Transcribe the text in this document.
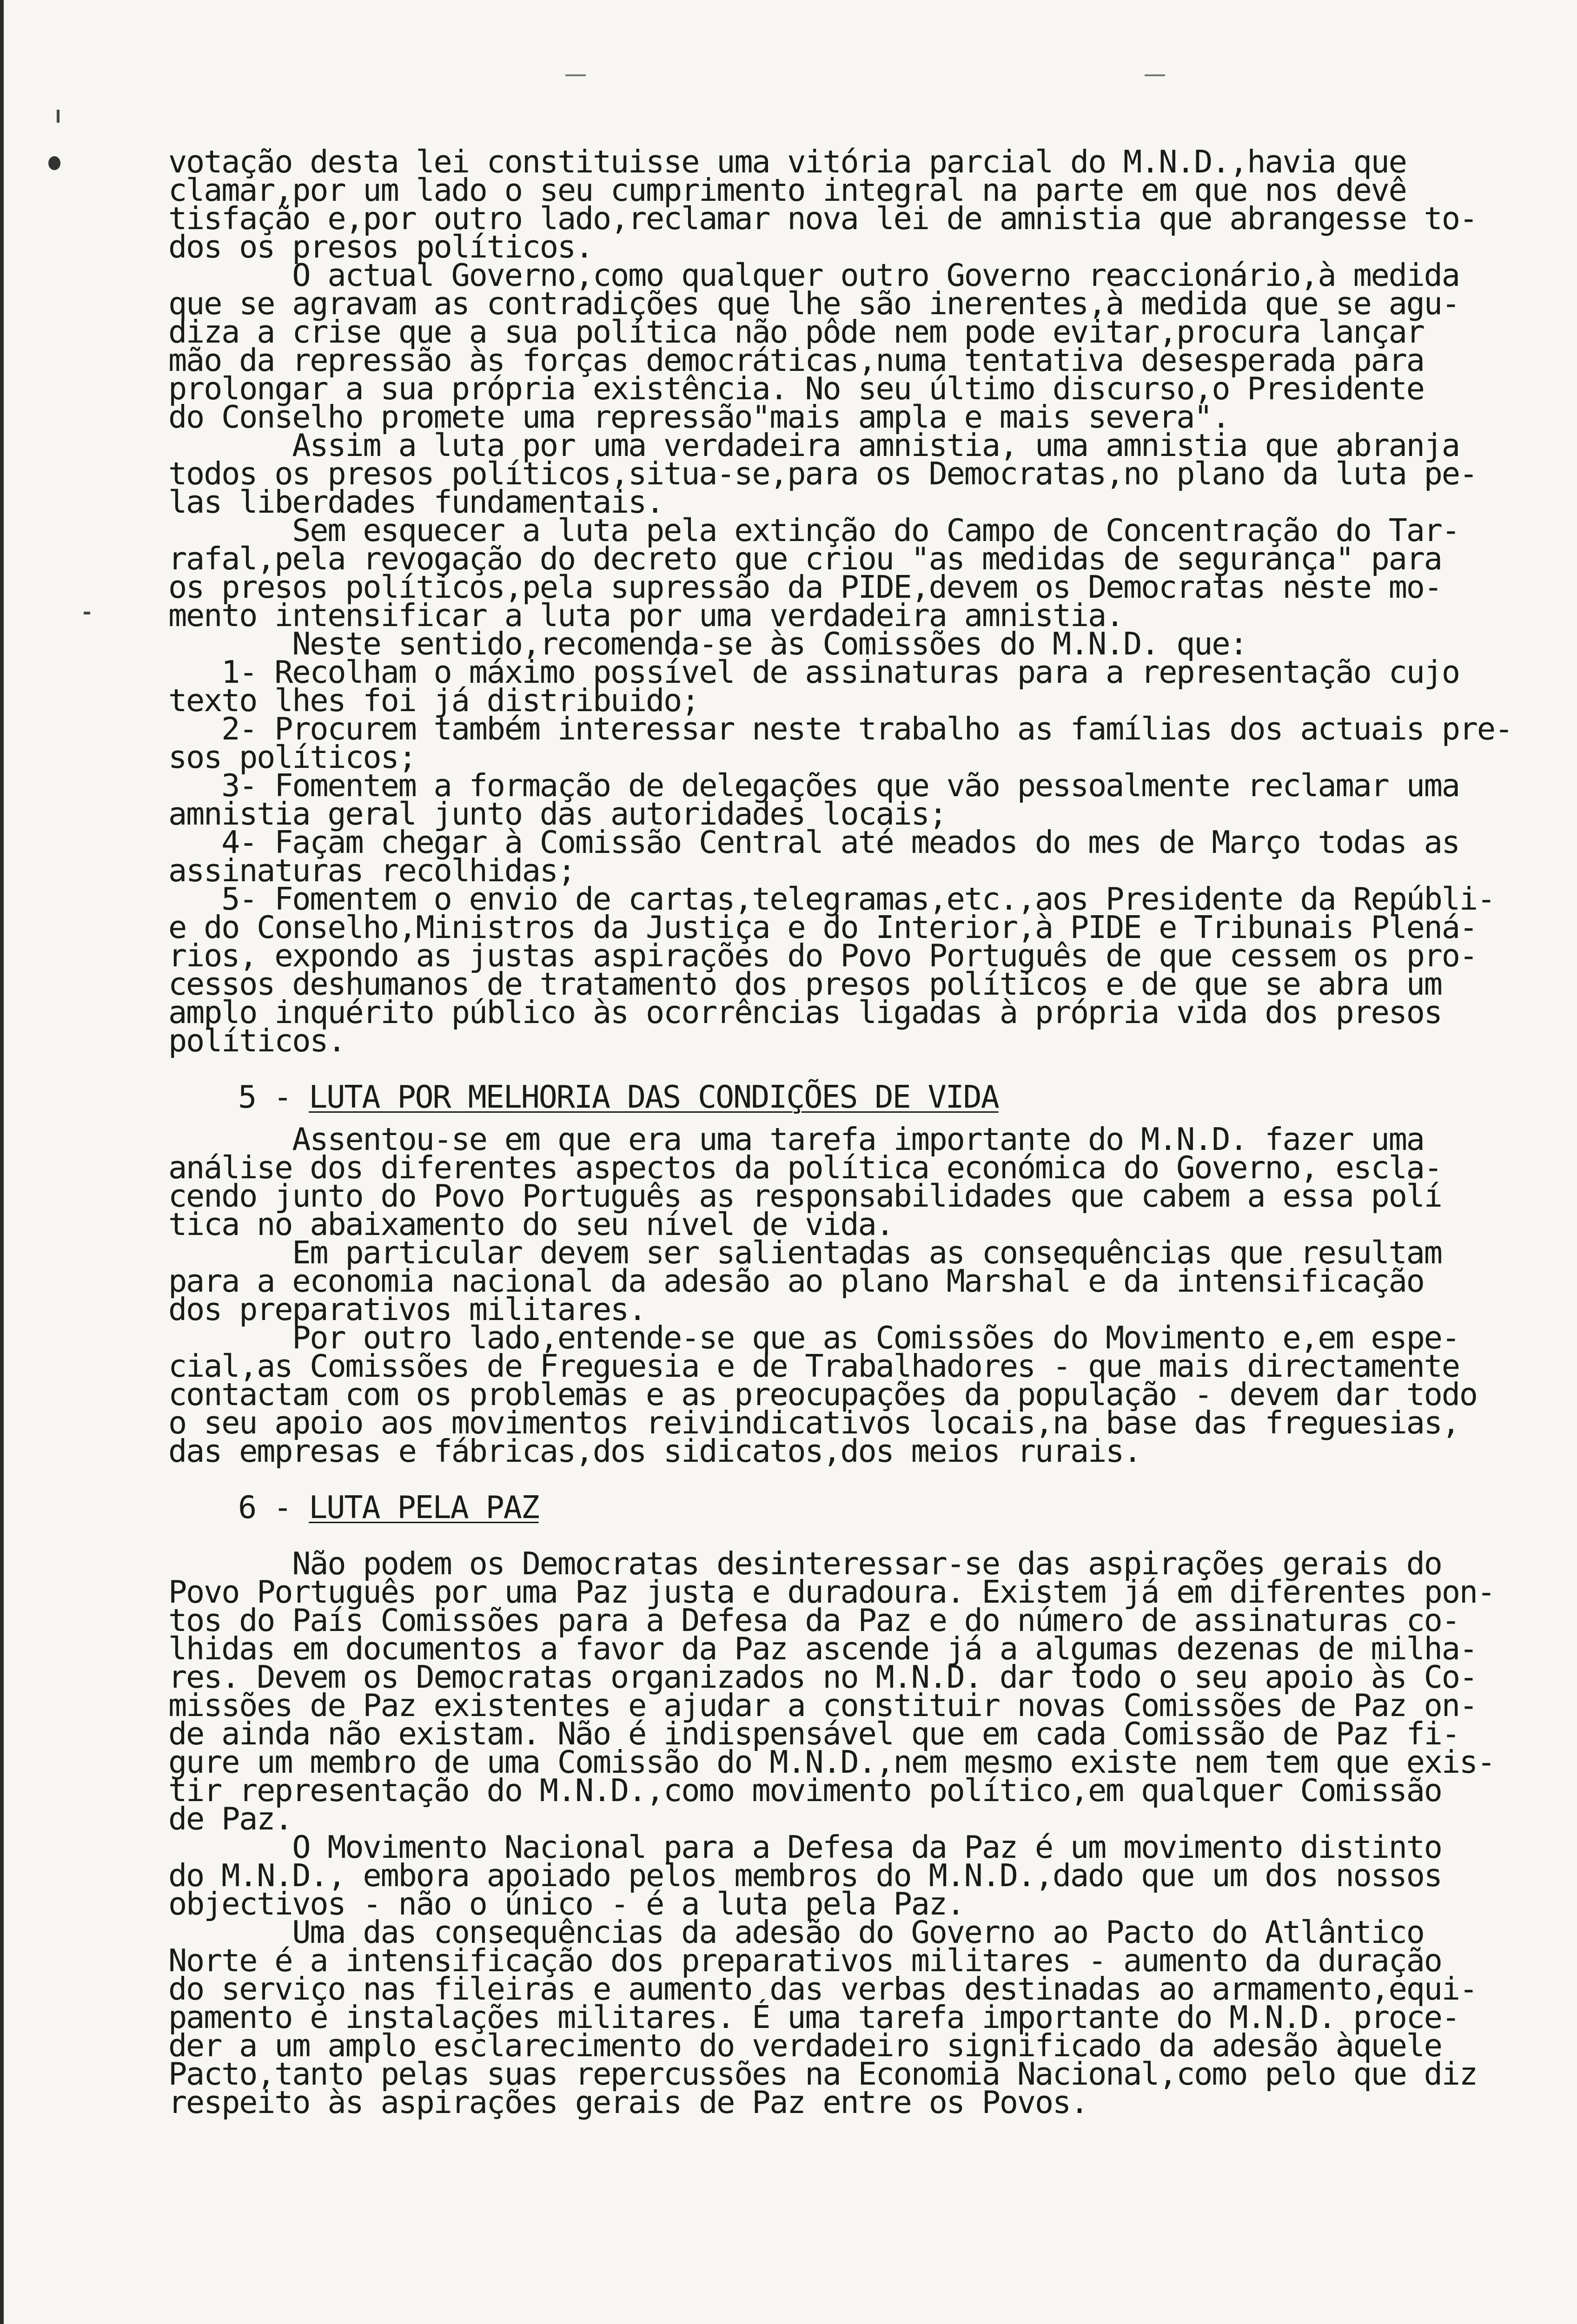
votação desta lei constituisse uma vitória parcial do M.N.D.,havia que
clamar,por um lado o seu cumprimento integral na parte em que nos devê
tisfação e,por outro lado,reclamar nova lei de amnistia que abrangesse to-
dos os presos políticos.
O actual Governo,como qualquer outro Governo reaccionário,à medida
que se agravam as contradições que lhe são inerentes,à medida que se agu-
diza a crise que a sua política não pôde nem pode evitar,procura lançar
mão da repressão às forças democráticas,numa tentativa desesperada para
prolongar a sua própria existência. No seu último discurso,o Presidente
do Conselho promete uma repressão"mais ampla e mais severa".
Assim a luta por uma verdadeira amnistia, uma amnistia que abranja
todos os presos políticos,situa-se,para os Democratas,no plano da luta pe-
las liberdades fundamentais.
Sem esquecer a luta pela extinção do Campo de Concentração do Tar-
rafal,pela revogação do decreto que criou "as medidas de segurança" para
os presos políticos,pela supressão da PIDE,devem os Democratas neste mo-
mento intensificar a luta por uma verdadeira amnistia.
Neste sentido,recomenda-se às Comissões do M.N.D. que:
1- Recolham o máximo possível de assinaturas para a representação cujo
texto lhes foi já distribuido;
2- Procurem também interessar neste trabalho as famílias dos actuais pre-
sos políticos;
3- Fomentem a formação de delegações que vão pessoalmente reclamar uma
amnistia geral junto das autoridades locais;
4- Façam chegar à Comissão Central até meados do mes de Março todas as
assinaturas recolhidas;
5- Fomentem o envio de cartas,telegramas,etc.,aos Presidente da Repúbli-
e do Conselho,Ministros da Justiça e do Interior,à PIDE e Tribunais Plená-
rios, expondo as justas aspirações do Povo Português de que cessem os pro-
cessos deshumanos de tratamento dos presos políticos e de que se abra um
amplo inquérito público às ocorrências ligadas à própria vida dos presos
políticos.
5 - LUTA POR MELHORIA DAS CONDIÇÕES DE VIDA
Assentou-se em que era uma tarefa importante do M.N.D. fazer uma
análise dos diferentes aspectos da política económica do Governo, escla-
cendo junto do Povo Português as responsabilidades que cabem a essa polí
tica no abaixamento do seu nível de vida.
Em particular devem ser salientadas as consequências que resultam
para a economia nacional da adesão ao plano Marshal e da intensificação
dos preparativos militares.
Por outro lado,entende-se que as Comissões do Movimento e,em espe-
cial,as Comissões de Freguesia e de Trabalhadores - que mais directamente
contactam com os problemas e as preocupações da população - devem dar todo
o seu apoio aos movimentos reivindicativos locais,na base das freguesias,
das empresas e fábricas,dos sidicatos,dos meios rurais.
6 - LUTA PELA PAZ
Não podem os Democratas desinteressar-se das aspirações gerais do
Povo Português por uma Paz justa e duradoura. Existem já em diferentes pon-
tos do País Comissões para a Defesa da Paz e do número de assinaturas co-
lhidas em documentos a favor da Paz ascende já a algumas dezenas de milha-
res. Devem os Democratas organizados no M.N.D. dar todo o seu apoio às Co-
missões de Paz existentes e ajudar a constituir novas Comissões de Paz on-
de ainda não existam. Não é indispensável que em cada Comissão de Paz fi-
gure um membro de uma Comissão do M.N.D.,nem mesmo existe nem tem que exis-
tir representação do M.N.D.,como movimento político,em qualquer Comissão
de Paz.
O Movimento Nacional para a Defesa da Paz é um movimento distinto
do M.N.D., embora apoiado pelos membros do M.N.D.,dado que um dos nossos
objectivos - não o único - é a luta pela Paz.
Uma das consequências da adesão do Governo ao Pacto do Atlântico
Norte é a intensificação dos preparativos militares - aumento da duração
do serviço nas fileiras e aumento das verbas destinadas ao armamento,equi-
pamento e instalações militares. É uma tarefa importante do M.N.D. proce-
der a um amplo esclarecimento do verdadeiro significado da adesão àquele
Pacto,tanto pelas suas repercussões na Economia Nacional,como pelo que diz
respeito às aspirações gerais de Paz entre os Povos.
